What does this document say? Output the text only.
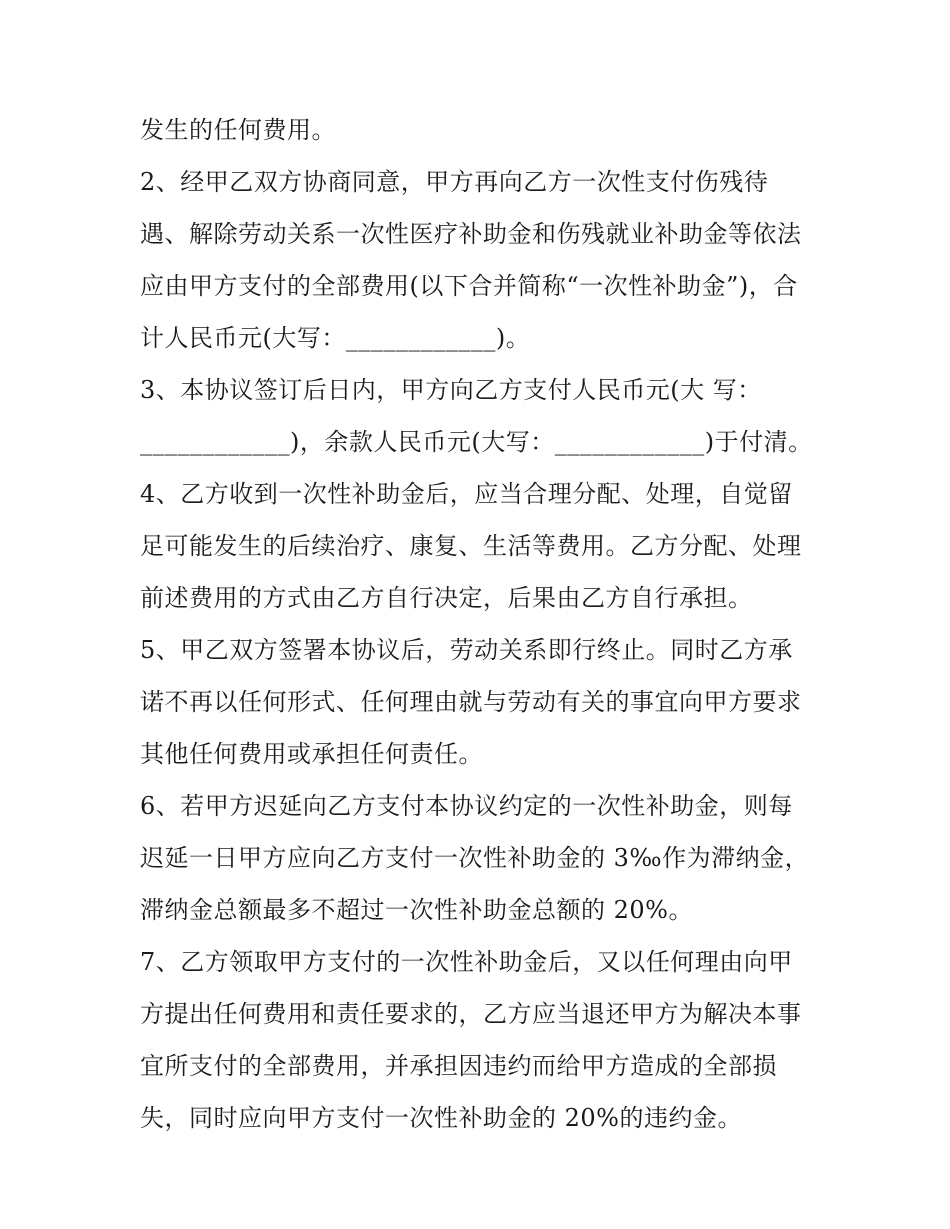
发生的任何费用。
2、经甲乙双方协商同意，甲方再向乙方一次性支付伤残待
遇、解除劳动关系一次性医疗补助金和伤残就业补助金等依法
应由甲方支付的全部费用(以下合并简称“一次性补助金”)，合
计人民币元(大写：____________)。
3、本协议签订后日内，甲方向乙方支付人民币元(大 写：
____________)，余款人民币元(大写：____________)于付清。
4、乙方收到一次性补助金后，应当合理分配、处理，自觉留
足可能发生的后续治疗、康复、生活等费用。乙方分配、处理
前述费用的方式由乙方自行决定，后果由乙方自行承担。
5、甲乙双方签署本协议后，劳动关系即行终止。同时乙方承
诺不再以任何形式、任何理由就与劳动有关的事宜向甲方要求
其他任何费用或承担任何责任。
6、若甲方迟延向乙方支付本协议约定的一次性补助金，则每
迟延一日甲方应向乙方支付一次性补助金的 3‰作为滞纳金，
滞纳金总额最多不超过一次性补助金总额的 20%。
7、乙方领取甲方支付的一次性补助金后，又以任何理由向甲
方提出任何费用和责任要求的，乙方应当退还甲方为解决本事
宜所支付的全部费用，并承担因违约而给甲方造成的全部损
失，同时应向甲方支付一次性补助金的 20%的违约金。
